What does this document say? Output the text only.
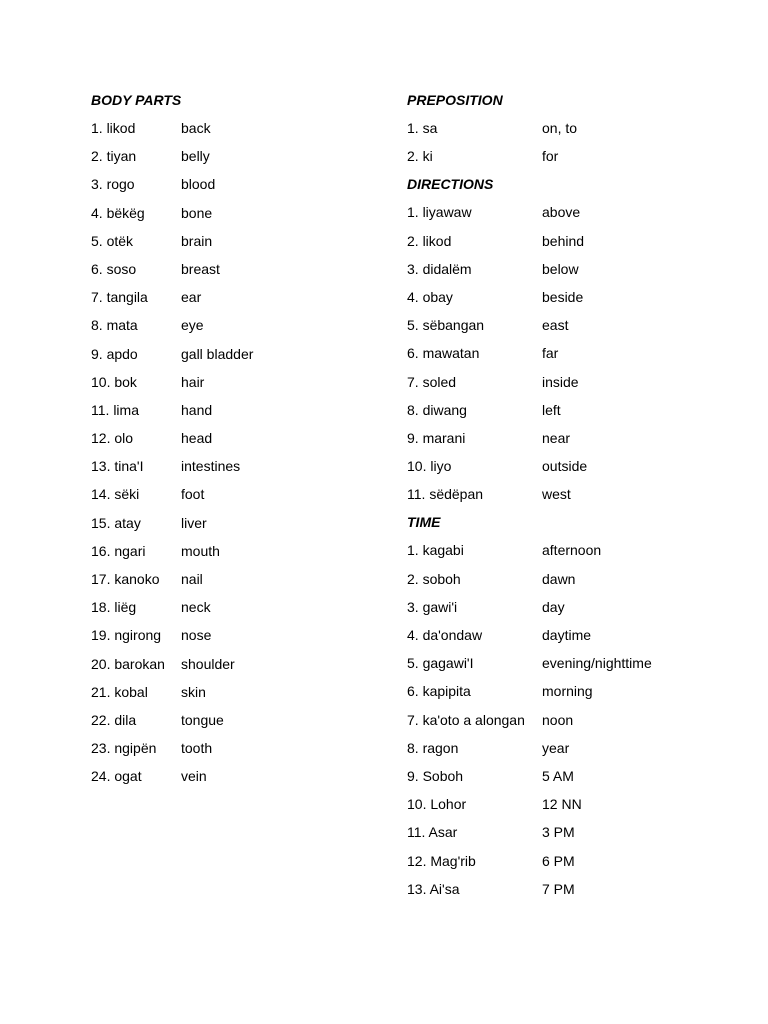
BODY PARTS
1. likod	back
2. tiyan	belly
3. rogo	blood
4. bëkëg	bone
5. otëk	brain
6. soso	breast
7. tangila	ear
8. mata	eye
9. apdo	gall bladder
10. bok	hair
11. lima	hand
12. olo	head
13. tina'I	intestines
14. sëki	foot
15. atay	liver
16. ngari	mouth
17. kanoko	nail
18. liëg	neck
19. ngirong	nose
20. barokan	shoulder
21. kobal	skin
22. dila	tongue
23. ngipën	tooth
24. ogat	vein
PREPOSITION
1. sa	on, to
2. ki	for
DIRECTIONS
1. liyawaw	above
2. likod	behind
3. didalëm	below
4. obay	beside
5. sëbangan	east
6. mawatan	far
7. soled	inside
8. diwang	left
9. marani	near
10. liyo	outside
11. sëdëpan	west
TIME
1. kagabi	afternoon
2. soboh	dawn
3. gawi'i	day
4. da'ondaw	daytime
5. gagawi'I	evening/nighttime
6. kapipita	morning
7. ka'oto a alongan	noon
8. ragon	year
9. Soboh	5 AM
10. Lohor	12 NN
11. Asar	3 PM
12. Mag'rib	6 PM
13. Ai'sa	7 PM
